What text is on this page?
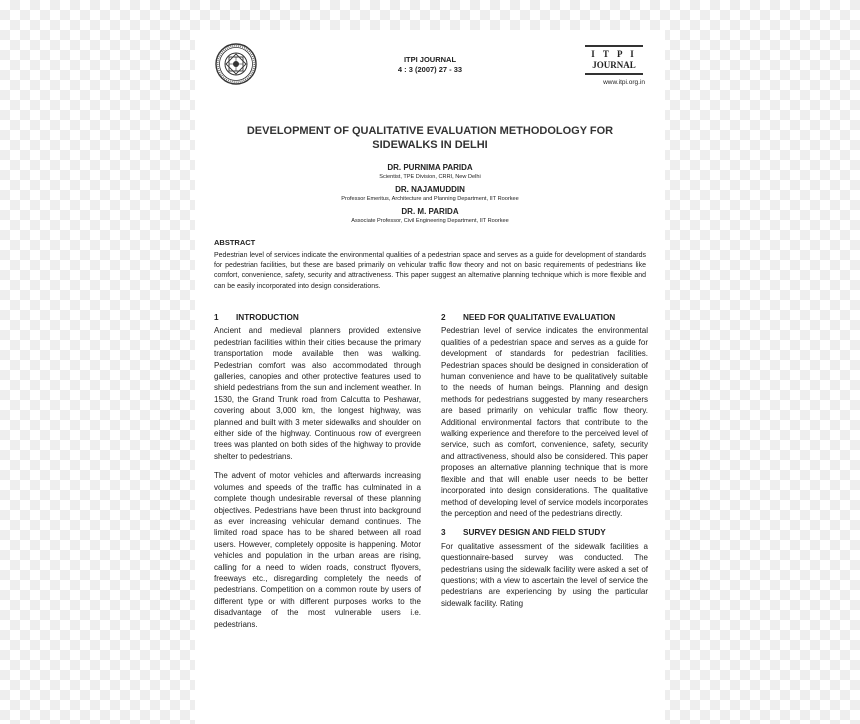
ITPI JOURNAL
4 : 3 (2007) 27 - 33
I T P I
JOURNAL
www.itpi.org.in
DEVELOPMENT OF QUALITATIVE EVALUATION METHODOLOGY FOR SIDEWALKS IN DELHI
DR. PURNIMA PARIDA
Scientist, TPE Division, CRRI, New Delhi
DR. NAJAMUDDIN
Professor Emeritus, Architecture and Planning Department, IIT Roorkee
DR. M. PARIDA
Associate Professor, Civil Engineering Department, IIT Roorkee
ABSTRACT
Pedestrian level of services indicate the environmental qualities of a pedestrian space and serves as a guide for development of standards for pedestrian facilities, but these are based primarily on vehicular traffic flow theory and not on basic requirements of pedestrians like comfort, convenience, safety, security and attractiveness. This paper suggest an alternative planning technique which is more flexible and can be easily incorporated into design considerations.
1 INTRODUCTION

Ancient and medieval planners provided extensive pedestrian facilities within their cities because the primary transportation mode available then was walking. Pedestrian comfort was also accommodated through galleries, canopies and other protective features used to shield pedestrians from the sun and inclement weather. In 1530, the Grand Trunk road from Calcutta to Peshawar, covering about 3,000 km, the longest highway, was planned and built with 3 meter sidewalks and shoulder on either side of the highway. Continuous row of evergreen trees was planted on both sides of the highway to provide shelter to pedestrians.

The advent of motor vehicles and afterwards increasing volumes and speeds of the traffic has culminated in a complete though undesirable reversal of these planning objectives. Pedestrians have been thrust into background as ever increasing vehicular demand continues. The limited road space has to be shared between all road users. However, completely opposite is happening. Motor vehicles and population in the urban areas are rising, calling for a need to widen roads, construct flyovers, freeways etc., disregarding completely the needs of pedestrians. Competition on a common route by users of different type or with different purposes works to the disadvantage of the most vulnerable users i.e. pedestrians.

2 NEED FOR QUALITATIVE EVALUATION

Pedestrian level of service indicates the environmental qualities of a pedestrian space and serves as a guide for development of standards for pedestrian facilities. Pedestrian spaces should be designed in consideration of human convenience and have to be qualitatively suitable to the needs of human beings. Planning and design methods for pedestrians suggested by many researchers are based primarily on vehicular traffic flow theory. Additional environmental factors that contribute to the walking experience and therefore to the perceived level of service, such as comfort, convenience, safety, security and attractiveness, should also be considered. This paper proposes an alternative planning technique that is more flexible and that will enable user needs to be better incorporated into design considerations. The qualitative method of developing level of service models incorporates the perception and need of the pedestrians directly.

3 SURVEY DESIGN AND FIELD STUDY

For qualitative assessment of the sidewalk facilities a questionnaire-based survey was conducted. The pedestrians using the sidewalk facility were asked a set of questions; with a view to ascertain the level of service the pedestrians are experiencing by using the particular sidewalk facility. Rating
